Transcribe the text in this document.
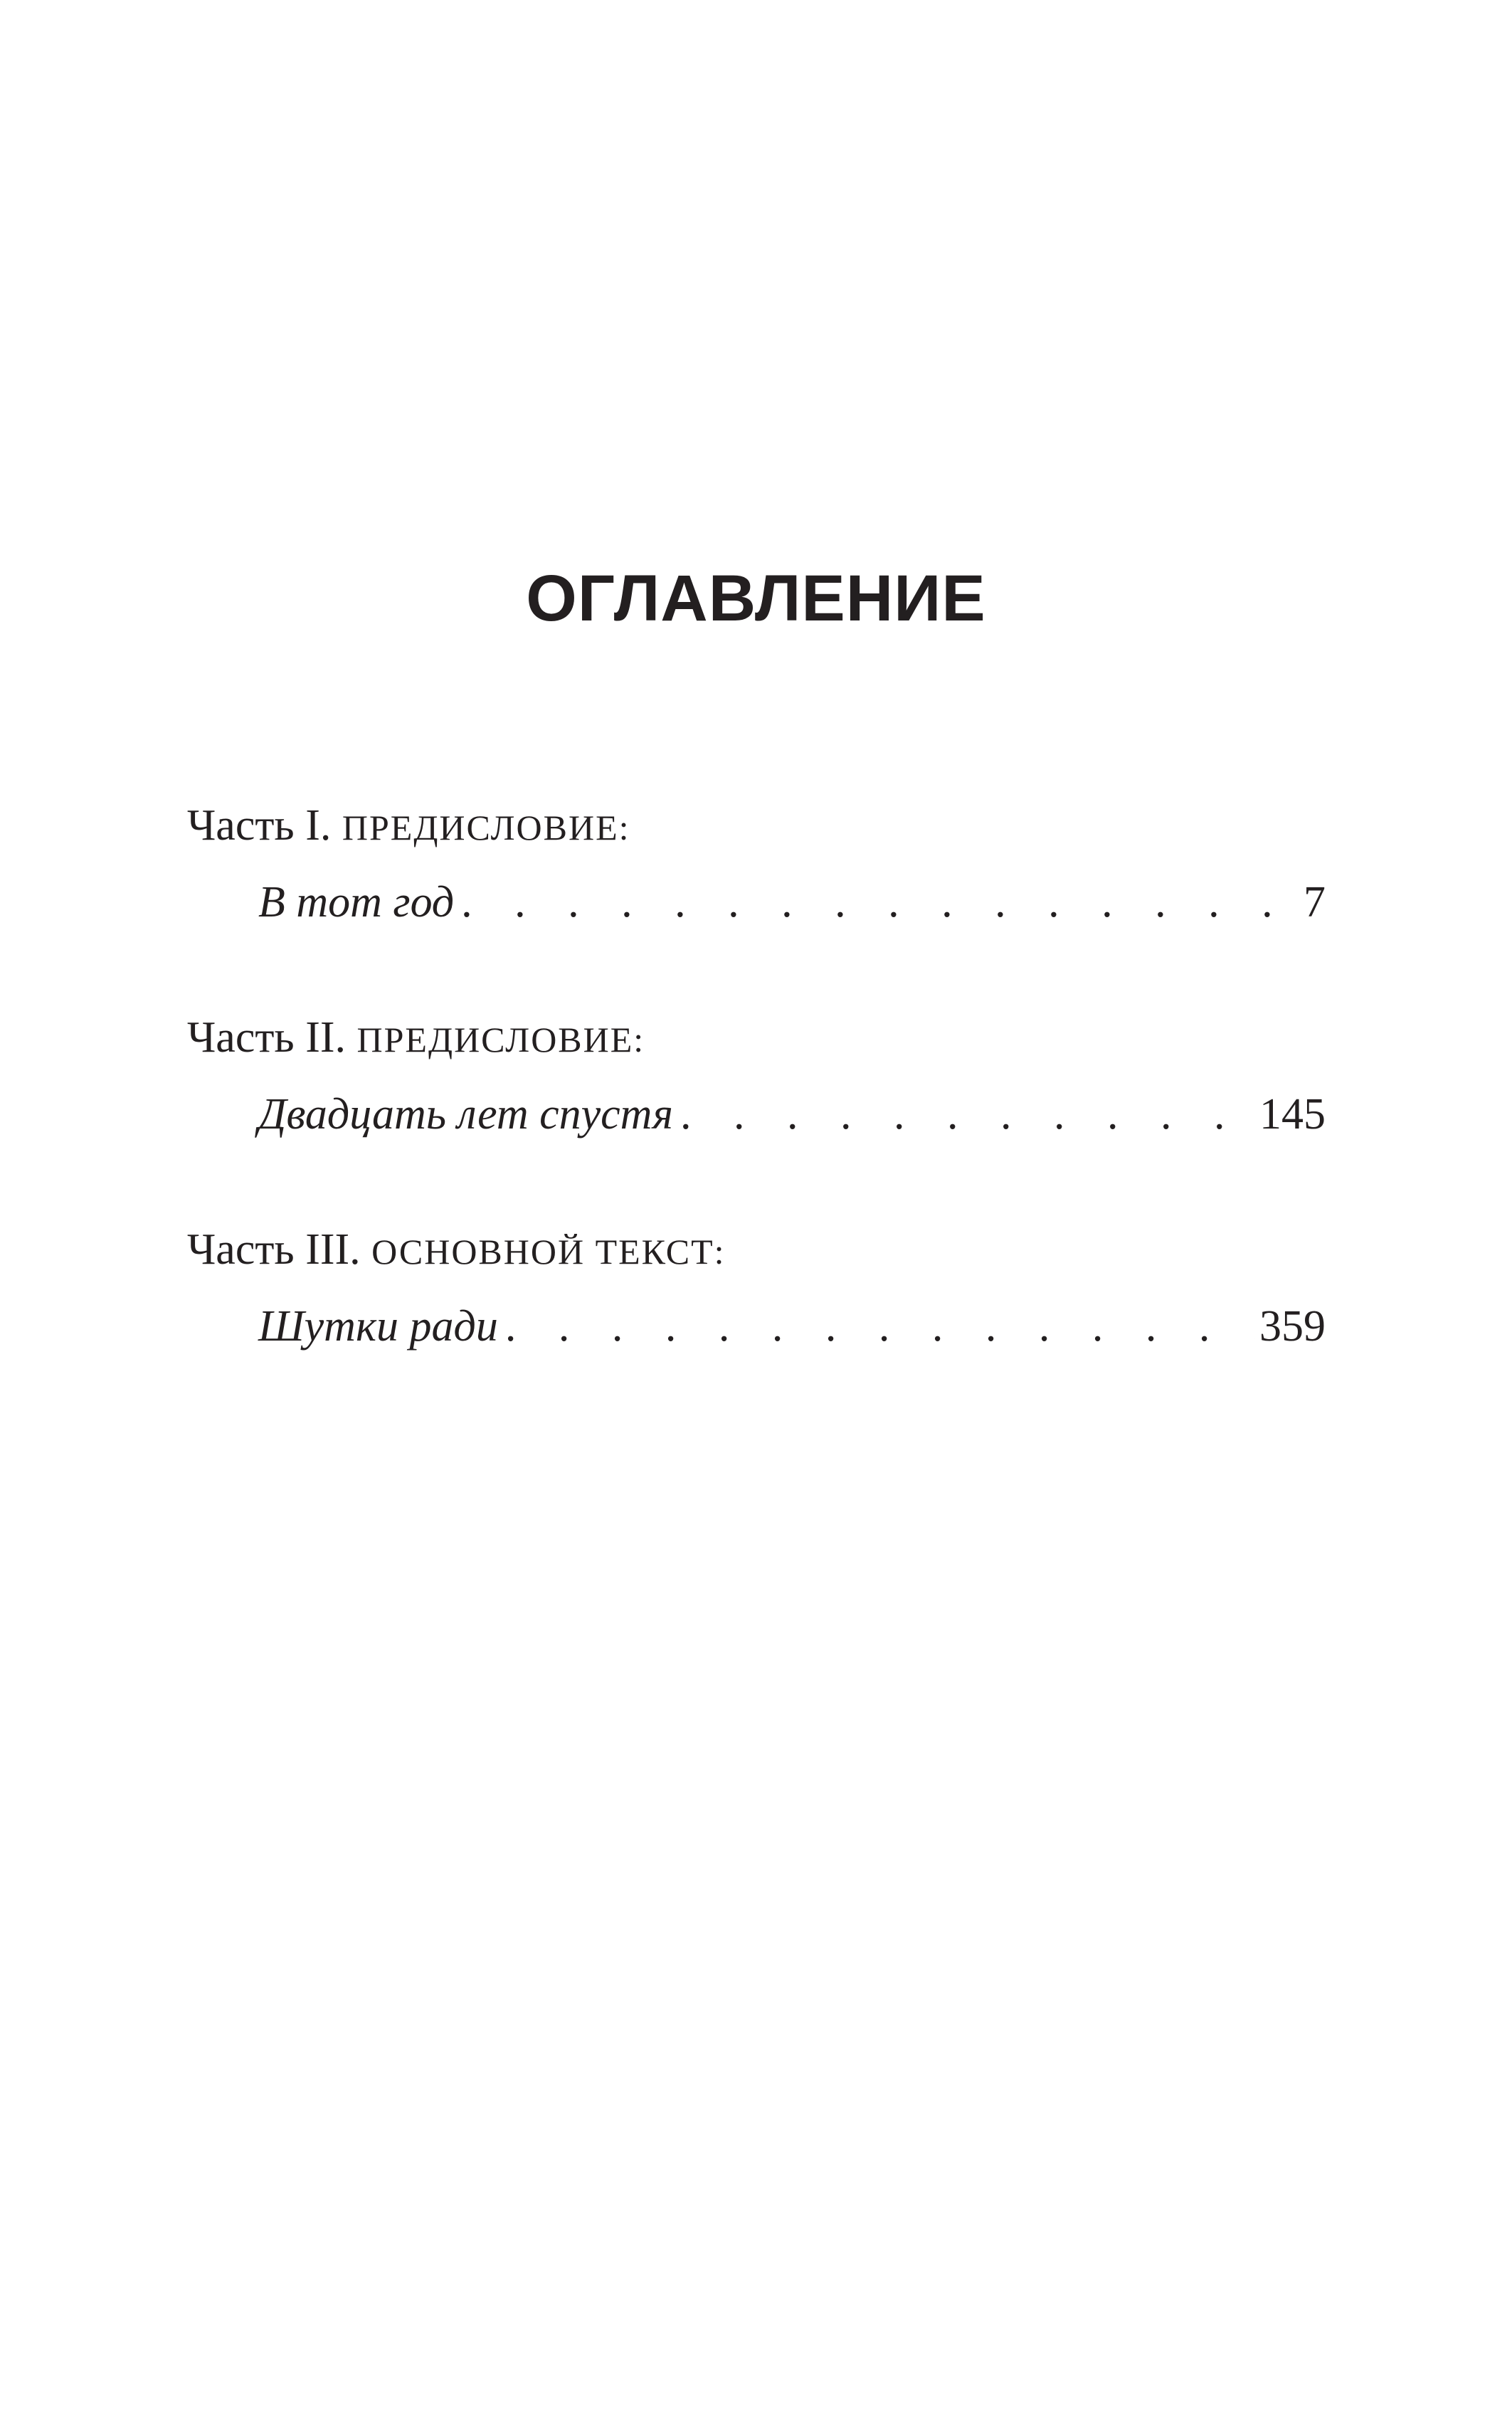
ОГЛАВЛЕНИЕ
Часть I. ПРЕДИСЛОВИЕ:
В тот год . . .	7
Часть II. ПРЕДИСЛОВИЕ:
Двадцать лет спустя . . .	145
Часть III. ОСНОВНОЙ ТЕКСТ:
Шутки ради . . .	359
